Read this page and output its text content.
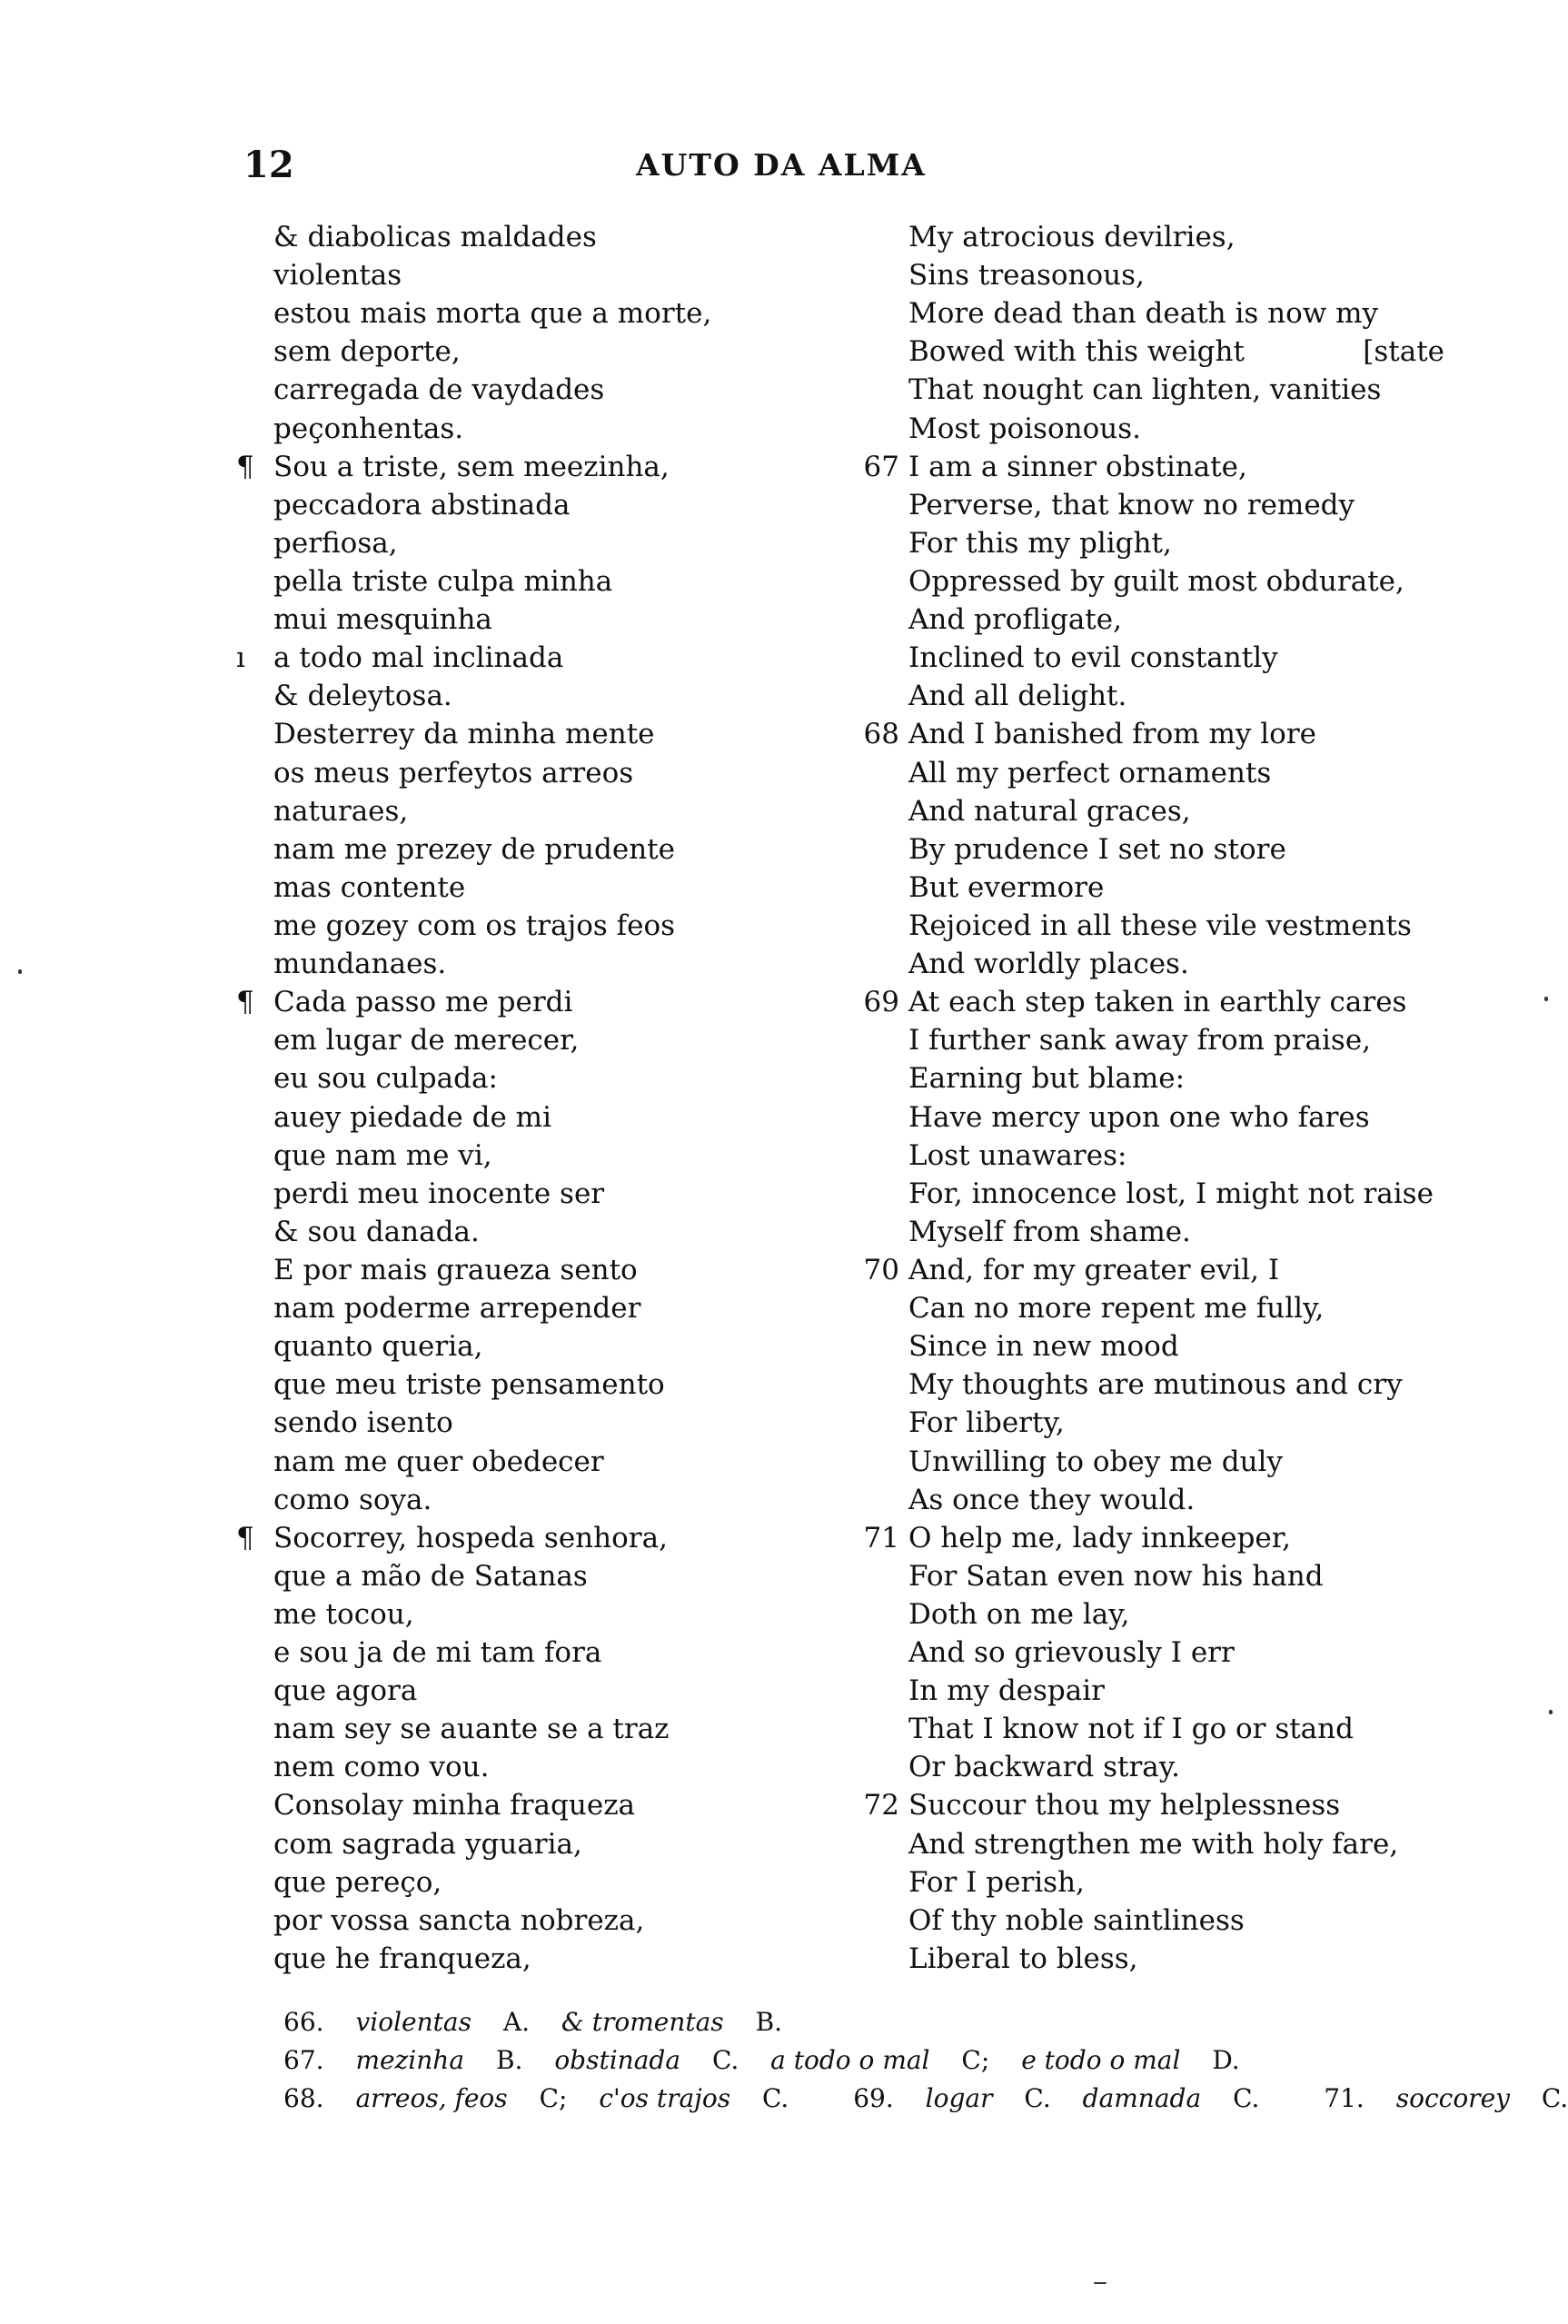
12	AUTO DA ALMA
& diabolicas maldades
violentas
estou mais morta que a morte,
sem deporte,
carregada de vaydades
peçonhentas.
¶ Sou a triste, sem meezinha,
peccadora abstinada
perfiosa,
pella triste culpa minha
mui mesquinha
ı	a todo mal inclinada
& deleytosa.
Desterrey da minha mente
os meus perfeytos arreos
naturaes,
nam me prezey de prudente
mas contente
me gozey com os trajos feos
mundanaes.
¶ Cada passo me perdi
em lugar de merecer,
eu sou culpada:
auey piedade de mi
que nam me vi,
perdi meu inocente ser
& sou danada.
E por mais graueza sento
nam poderme arrepender
quanto queria,
que meu triste pensamento
sendo isento
nam me quer obedecer
como soya.
¶ Socorrey, hospeda senhora,
que a mão de Satanas
me tocou,
e sou ja de mi tam fora
que agora
nam sey se auante se a traz
nem como vou.
Consolay minha fraqueza
com sagrada yguaria,
que pereço,
por vossa sancta nobreza,
que he franqueza,
My atrocious devilries,
Sins treasonous,
More dead than death is now my
Bowed with this weight	[state
That nought can lighten, vanities
Most poisonous.
67 I am a sinner obstinate,
Perverse, that know no remedy
For this my plight,
Oppressed by guilt most obdurate,
And profligate,
Inclined to evil constantly
And all delight.
68 And I banished from my lore
All my perfect ornaments
And natural graces,
By prudence I set no store
But evermore
Rejoiced in all these vile vestments
And worldly places.
69 At each step taken in earthly cares
I further sank away from praise,
Earning but blame:
Have mercy upon one who fares
Lost unawares:
For, innocence lost, I might not raise
Myself from shame.
70 And, for my greater evil, I
Can no more repent me fully,
Since in new mood
My thoughts are mutinous and cry
For liberty,
Unwilling to obey me duly
As once they would.
71 O help me, lady innkeeper,
For Satan even now his hand
Doth on me lay,
And so grievously I err
In my despair
That I know not if I go or stand
Or backward stray.
72 Succour thou my helplessness
And strengthen me with holy fare,
For I perish,
Of thy noble saintliness
Liberal to bless,
66. violentas A. & tromentas B.
67. mezinha B. obstinada C. a todo o mal C; e todo o mal D.
68. arreos, feos C; c'os trajos C.	69. logar C. damnada C.	71. soccorey C.
